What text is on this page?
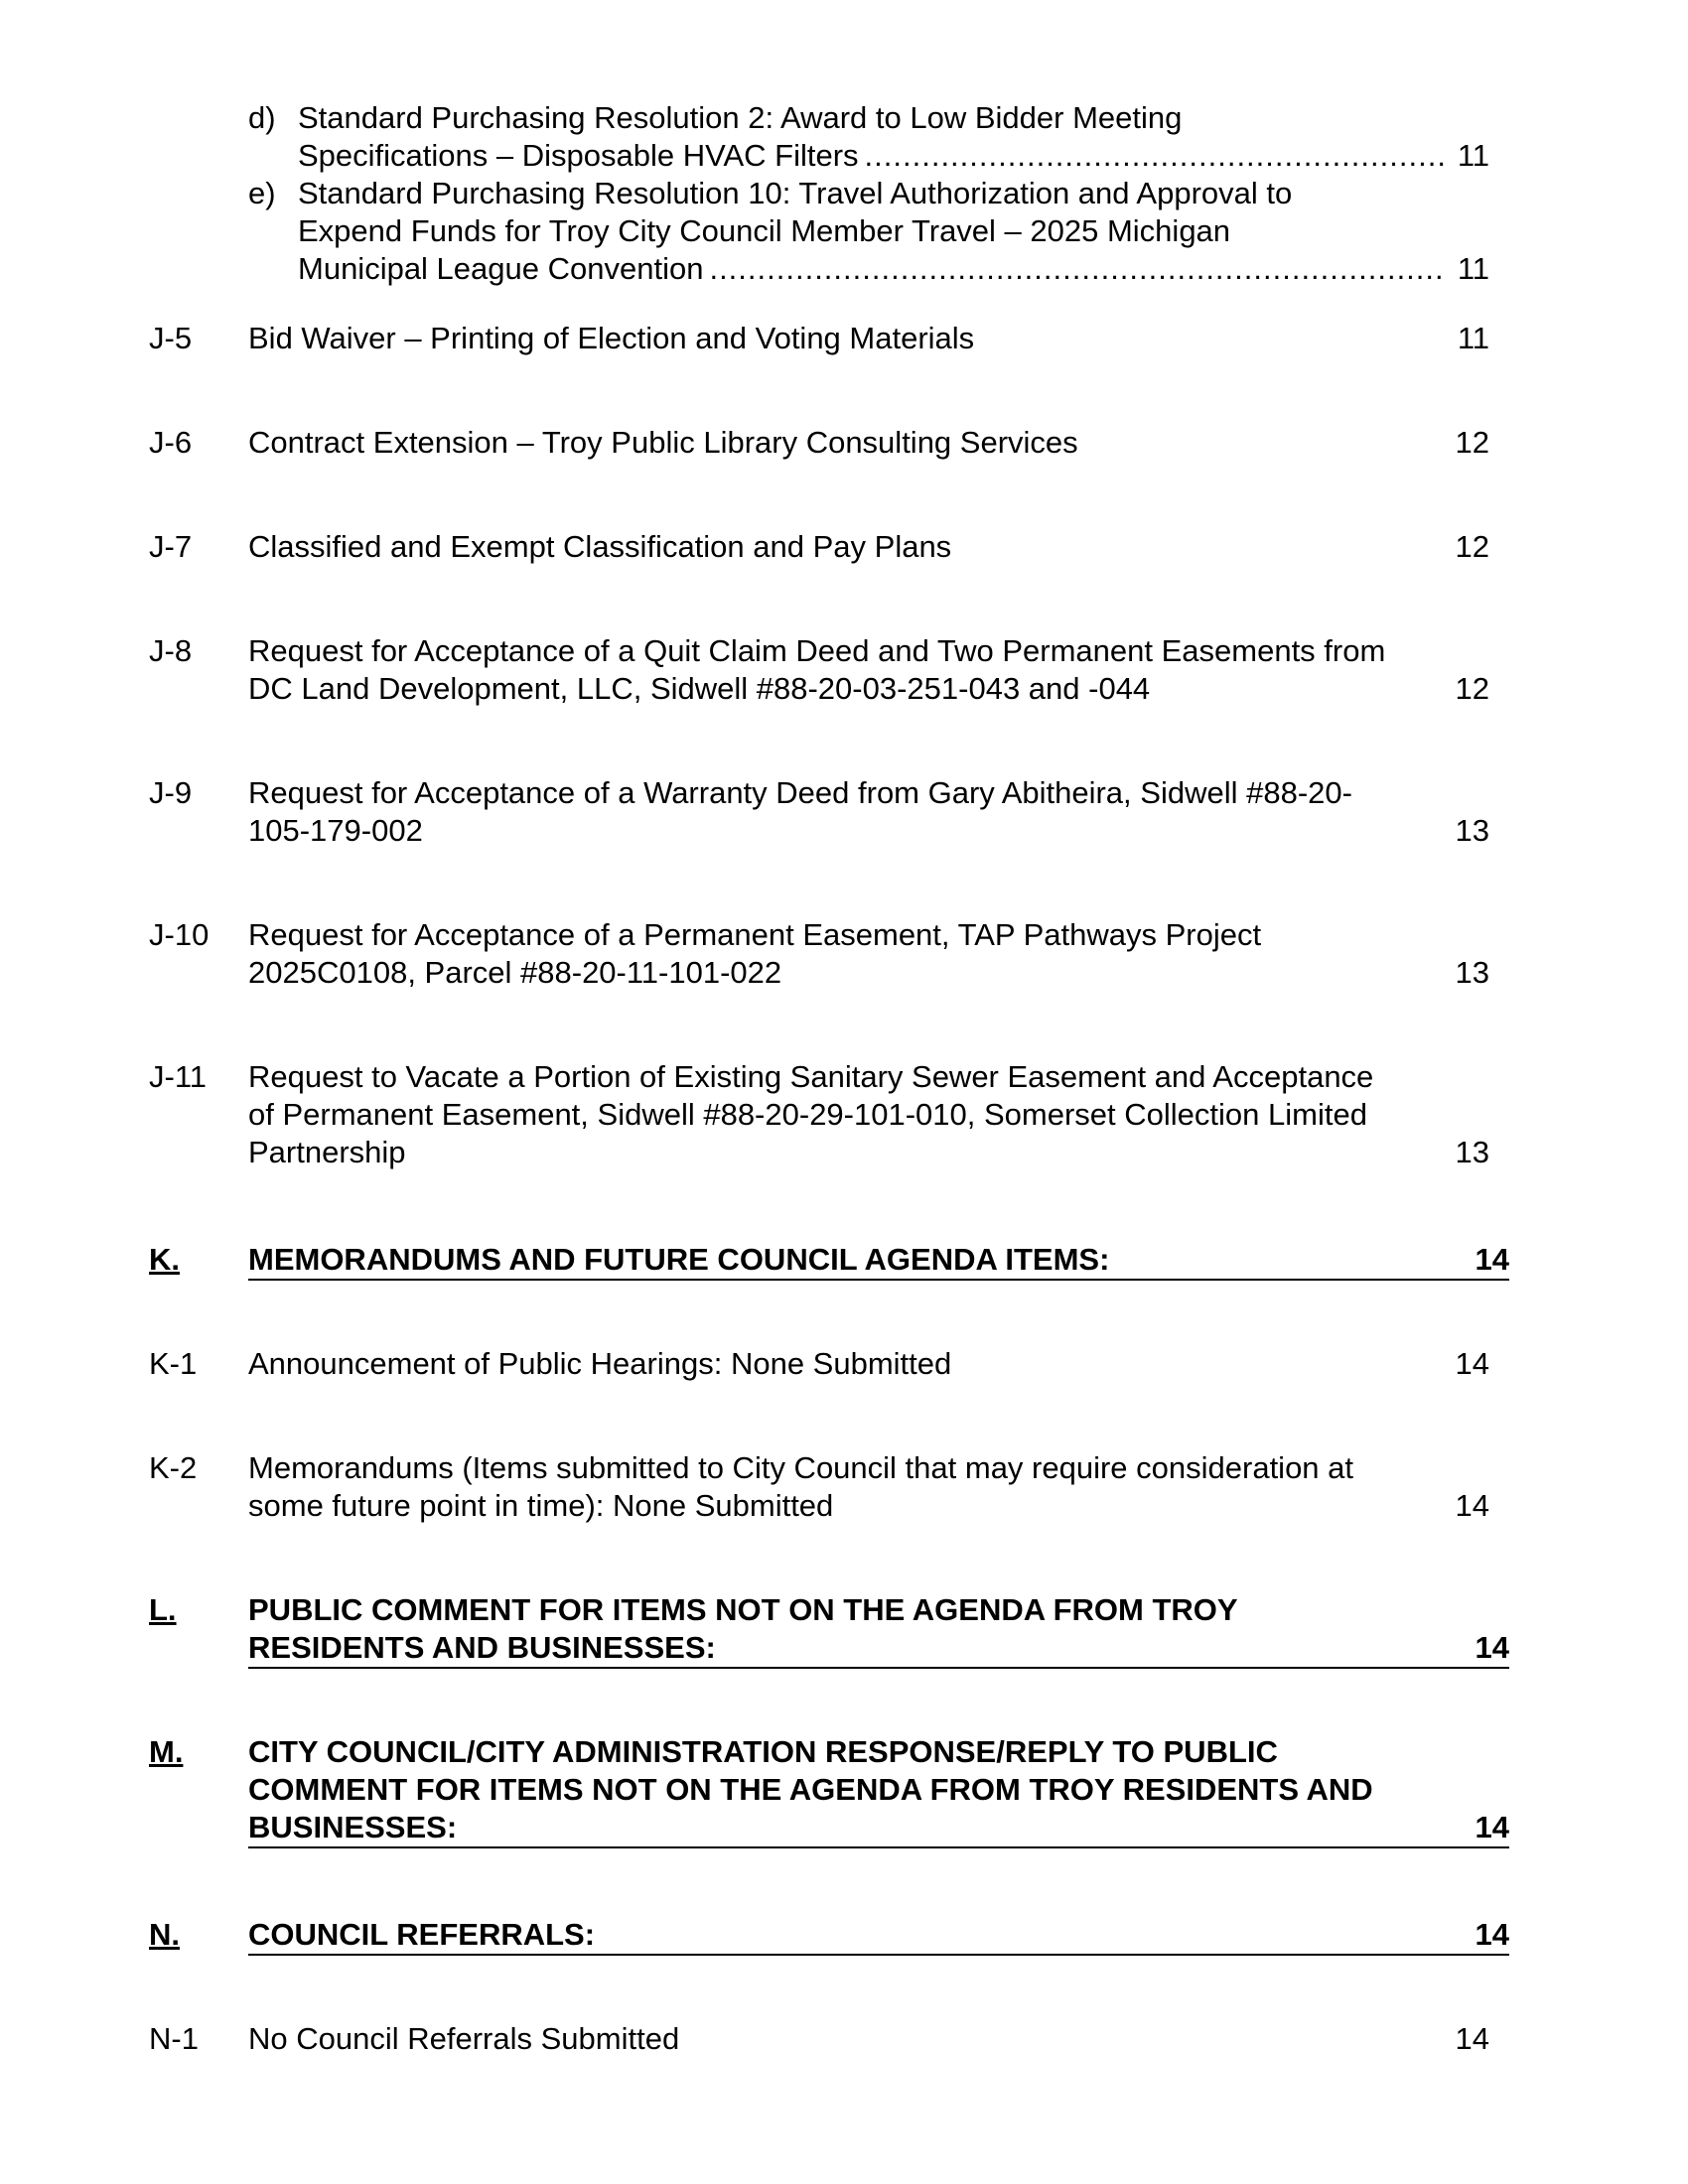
d) Standard Purchasing Resolution 2: Award to Low Bidder Meeting
Specifications – Disposable HVAC Filters .....	11
e) Standard Purchasing Resolution 10: Travel Authorization and Approval to
Expend Funds for Troy City Council Member Travel – 2025 Michigan
Municipal League Convention .....	11
J-5 Bid Waiver – Printing of Election and Voting Materials	11
J-6 Contract Extension – Troy Public Library Consulting Services	12
J-7 Classified and Exempt Classification and Pay Plans	12
J-8 Request for Acceptance of a Quit Claim Deed and Two Permanent Easements from DC Land Development, LLC, Sidwell #88-20-03-251-043 and -044	12
J-9 Request for Acceptance of a Warranty Deed from Gary Abitheira, Sidwell #88-20-105-179-002	13
J-10 Request for Acceptance of a Permanent Easement, TAP Pathways Project 2025C0108, Parcel #88-20-11-101-022	13
J-11 Request to Vacate a Portion of Existing Sanitary Sewer Easement and Acceptance of Permanent Easement, Sidwell #88-20-29-101-010, Somerset Collection Limited Partnership	13
K. MEMORANDUMS AND FUTURE COUNCIL AGENDA ITEMS:	14
K-1 Announcement of Public Hearings: None Submitted	14
K-2 Memorandums (Items submitted to City Council that may require consideration at some future point in time): None Submitted	14
L. PUBLIC COMMENT FOR ITEMS NOT ON THE AGENDA FROM TROY RESIDENTS AND BUSINESSES:	14
M. CITY COUNCIL/CITY ADMINISTRATION RESPONSE/REPLY TO PUBLIC COMMENT FOR ITEMS NOT ON THE AGENDA FROM TROY RESIDENTS AND BUSINESSES:	14
N. COUNCIL REFERRALS:	14
N-1 No Council Referrals Submitted	14
